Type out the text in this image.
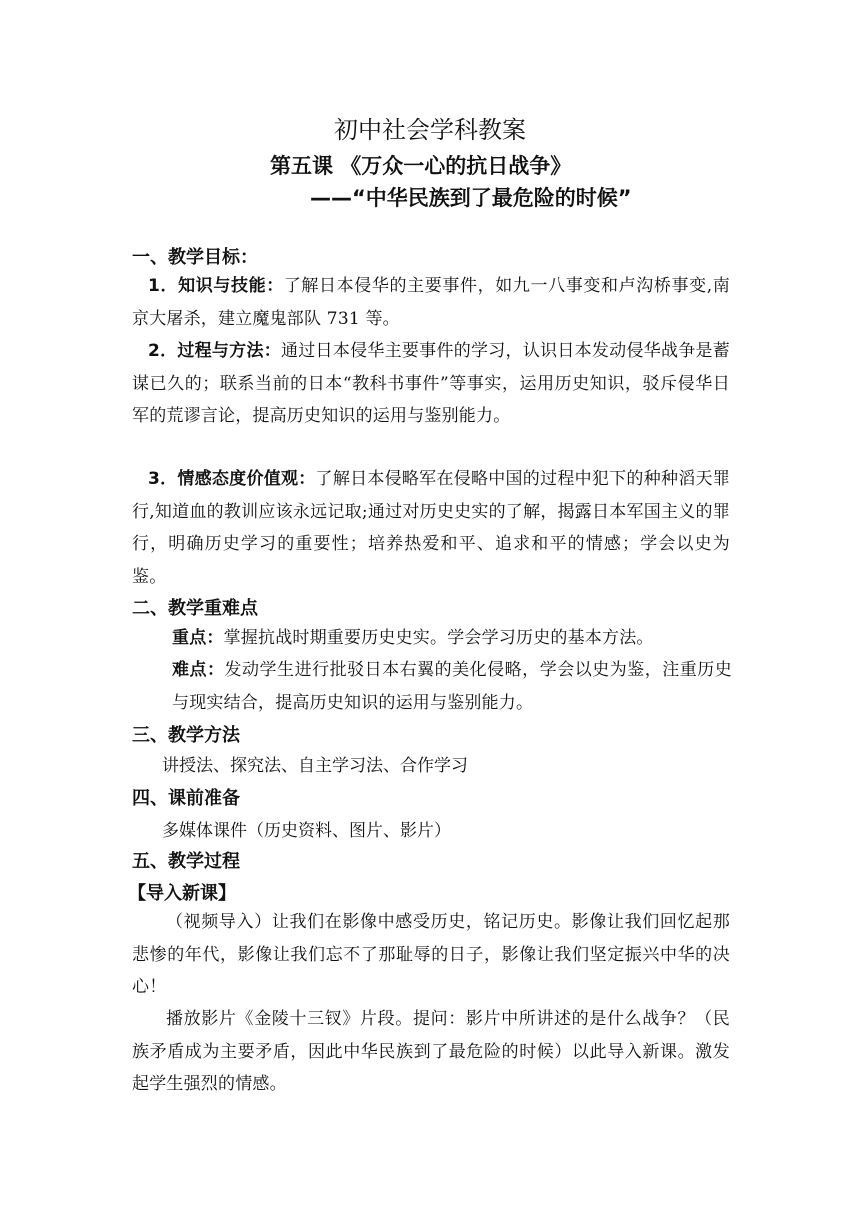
初中社会学科教案
第五课 《万众一心的抗日战争》
——“中华民族到了最危险的时候”
一、教学目标：
1．知识与技能：了解日本侵华的主要事件，如九一八事变和卢沟桥事变,南京大屠杀，建立魔鬼部队 731 等。
2．过程与方法：通过日本侵华主要事件的学习，认识日本发动侵华战争是蓄谋已久的；联系当前的日本“教科书事件”等事实，运用历史知识，驳斥侵华日军的荒谬言论，提高历史知识的运用与鉴别能力。
3．情感态度价值观：了解日本侵略军在侵略中国的过程中犯下的种种滔天罪行,知道血的教训应该永远记取;通过对历史史实的了解，揭露日本军国主义的罪行，明确历史学习的重要性；培养热爱和平、追求和平的情感；学会以史为鉴。
二、教学重难点
重点：掌握抗战时期重要历史史实。学会学习历史的基本方法。
难点：发动学生进行批驳日本右翼的美化侵略，学会以史为鉴，注重历史与现实结合，提高历史知识的运用与鉴别能力。
三、教学方法
讲授法、探究法、自主学习法、合作学习
四、课前准备
多媒体课件（历史资料、图片、影片）
五、教学过程
【导入新课】
（视频导入）让我们在影像中感受历史，铭记历史。影像让我们回忆起那悲惨的年代，影像让我们忘不了那耻辱的日子，影像让我们坚定振兴中华的决心！
播放影片《金陵十三钗》片段。提问：影片中所讲述的是什么战争？（民族矛盾成为主要矛盾，因此中华民族到了最危险的时候）以此导入新课。激发起学生强烈的情感。
